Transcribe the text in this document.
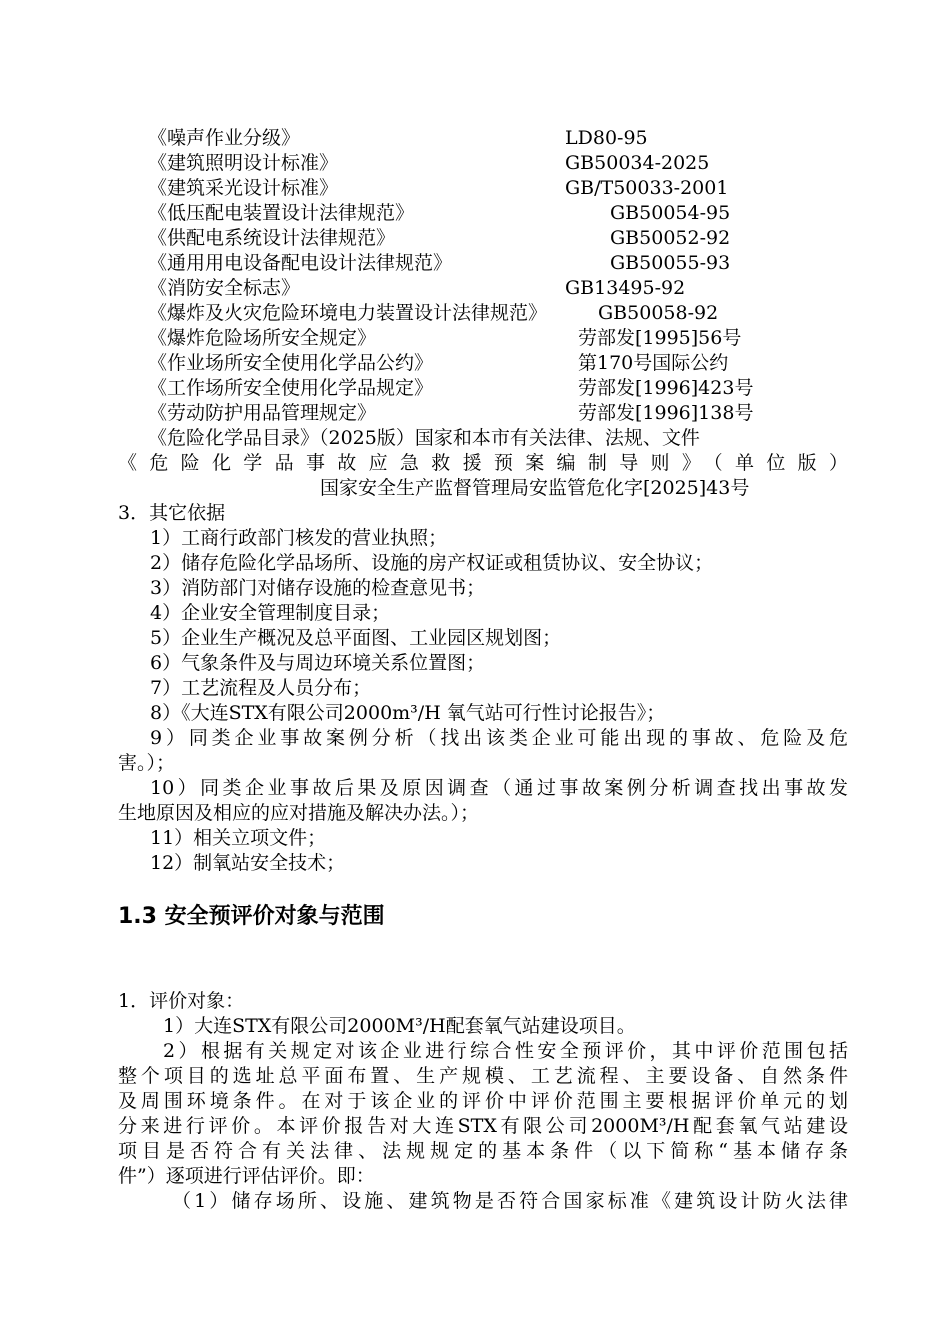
《噪声作业分级》	LD80-95
《建筑照明设计标准》	GB50034-2025
《建筑采光设计标准》	GB/T50033-2001
《低压配电装置设计法律规范》	GB50054-95
《供配电系统设计法律规范》	GB50052-92
《通用用电设备配电设计法律规范》	GB50055-93
《消防安全标志》	GB13495-92
《爆炸及火灾危险环境电力装置设计法律规范》	GB50058-92
《爆炸危险场所安全规定》	劳部发[1995]56号
《作业场所安全使用化学品公约》	第170号国际公约
《工作场所安全使用化学品规定》	劳部发[1996]423号
《劳动防护用品管理规定》	劳部发[1996]138号
《危险化学品目录》（2025版）国家和本市有关法律、法规、文件
《危险化学品事故应急救援预案编制导则》（单位版）
国家安全生产监督管理局安监管危化字[2025]43号
3．其它依据
1）工商行政部门核发的营业执照；
2）储存危险化学品场所、设施的房产权证或租赁协议、安全协议；
3）消防部门对储存设施的检查意见书；
4）企业安全管理制度目录；
5）企业生产概况及总平面图、工业园区规划图；
6）气象条件及与周边环境关系位置图；
7）工艺流程及人员分布；
8）《大连STX有限公司2000m³/H 氧气站可行性讨论报告》；
9）同类企业事故案例分析（找出该类企业可能出现的事故、危险及危
害。）；
10）同类企业事故后果及原因调查（通过事故案例分析调查找出事故发
生地原因及相应的应对措施及解决办法。）；
11）相关立项文件；
12）制氧站安全技术；
1.3 安全预评价对象与范围
1．评价对象：
1）大连STX有限公司2000M³/H配套氧气站建设项目。
2）根据有关规定对该企业进行综合性安全预评价，其中评价范围包括
整个项目的选址总平面布置、生产规模、工艺流程、主要设备、自然条件
及周围环境条件。在对于该企业的评价中评价范围主要根据评价单元的划
分来进行评价。本评价报告对大连STX有限公司2000M³/H配套氧气站建设
项目是否符合有关法律、法规规定的基本条件（以下简称“基本储存条
件”）逐项进行评估评价。即：
（1）储存场所、设施、建筑物是否符合国家标准《建筑设计防火法律
